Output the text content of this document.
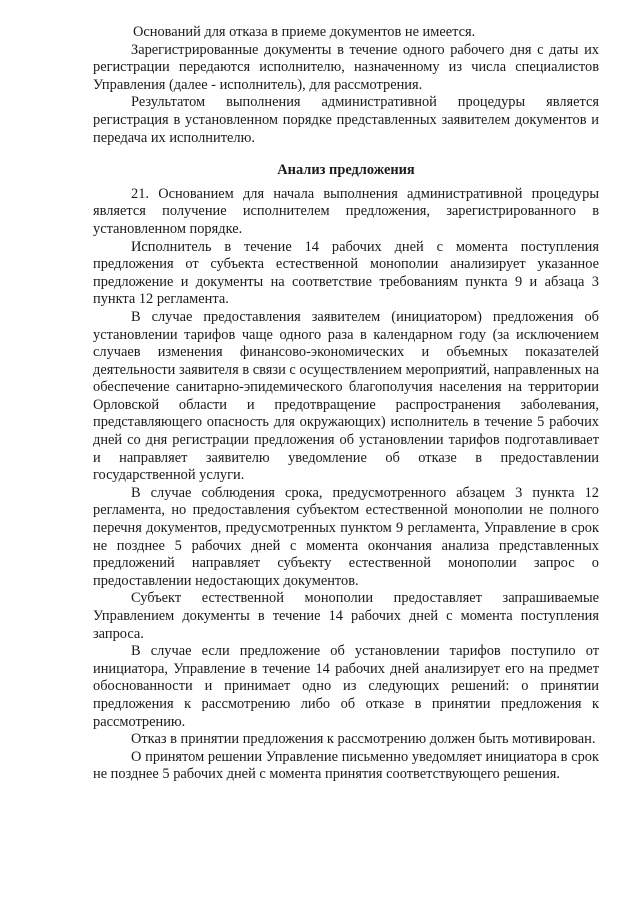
Оснований для отказа в приеме документов не имеется.

Зарегистрированные документы в течение одного рабочего дня с даты их регистрации передаются исполнителю, назначенному из числа специалистов Управления (далее - исполнитель), для рассмотрения.

Результатом выполнения административной процедуры является регистрация в установленном порядке представленных заявителем документов и передача их исполнителю.

Анализ предложения

21. Основанием для начала выполнения административной процедуры является получение исполнителем предложения, зарегистрированного в установленном порядке.

Исполнитель в течение 14 рабочих дней с момента поступления предложения от субъекта естественной монополии анализирует указанное предложение и документы на соответствие требованиям пункта 9 и абзаца 3 пункта 12 регламента.

В случае предоставления заявителем (инициатором) предложения об установлении тарифов чаще одного раза в календарном году (за исключением случаев изменения финансово-экономических и объемных показателей деятельности заявителя в связи с осуществлением мероприятий, направленных на обеспечение санитарно-эпидемического благополучия населения на территории Орловской области и предотвращение распространения заболевания, представляющего опасность для окружающих) исполнитель в течение 5 рабочих дней со дня регистрации предложения об установлении тарифов подготавливает и направляет заявителю уведомление об отказе в предоставлении государственной услуги.

В случае соблюдения срока, предусмотренного абзацем 3 пункта 12 регламента, но предоставления субъектом естественной монополии не полного перечня документов, предусмотренных пунктом 9 регламента, Управление в срок не позднее 5 рабочих дней с момента окончания анализа представленных предложений направляет субъекту естественной монополии запрос о предоставлении недостающих документов.

Субъект естественной монополии предоставляет запрашиваемые Управлением документы в течение 14 рабочих дней с момента поступления запроса.

В случае если предложение об установлении тарифов поступило от инициатора, Управление в течение 14 рабочих дней анализирует его на предмет обоснованности и принимает одно из следующих решений: о принятии предложения к рассмотрению либо об отказе в принятии предложения к рассмотрению.

Отказ в принятии предложения к рассмотрению должен быть мотивирован.

О принятом решении Управление письменно уведомляет инициатора в срок не позднее 5 рабочих дней с момента принятия соответствующего решения.
